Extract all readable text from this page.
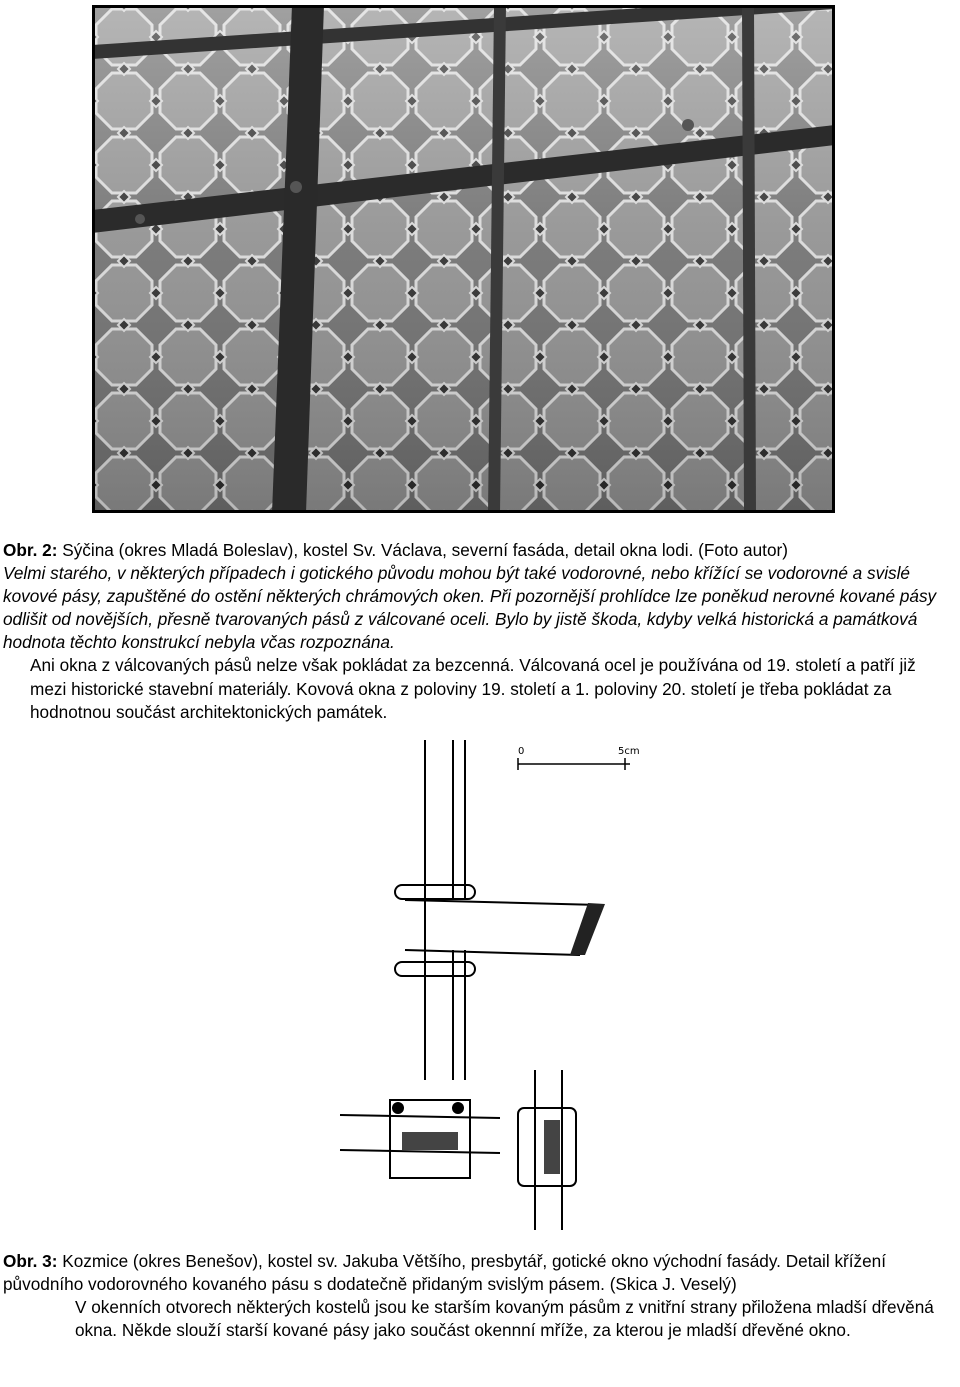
Obr. 2: Sýčina (okres Mladá Boleslav), kostel Sv. Václava, severní fasáda, detail okna lodi. (Foto autor)
Velmi starého, v některých případech i gotického původu mohou být také vodorovné, nebo křížící se vodorovné a svislé kovové pásy, zapuštěné do ostění některých chrámových oken. Při pozornější prohlídce lze poněkud nerovné kované pásy odlišit od novějších, přesně tvarovaných pásů z válcované oceli. Bylo by jistě škoda, kdyby velká historická a památková hodnota těchto konstrukcí nebyla včas rozpoznána.
Ani okna z válcovaných pásů nelze však pokládat za bezcenná. Válcovaná ocel je používána od 19. století a patří již mezi historické stavební materiály. Kovová okna z poloviny 19. století a 1. poloviny 20. století je třeba pokládat za hodnotnou součást architektonických památek.
0	5cm
Obr. 3: Kozmice (okres Benešov), kostel sv. Jakuba Většího, presbytář, gotické okno východní fasády. Detail křížení původního vodorovného kovaného pásu s dodatečně přidaným svislým pásem. (Skica J. Veselý)
V okenních otvorech některých kostelů jsou ke starším kovaným pásům z vnitřní strany přiložena mladší dřevěná okna. Někde slouží starší kované pásy jako součást okennní mříže, za kterou je mladší dřevěné okno.
